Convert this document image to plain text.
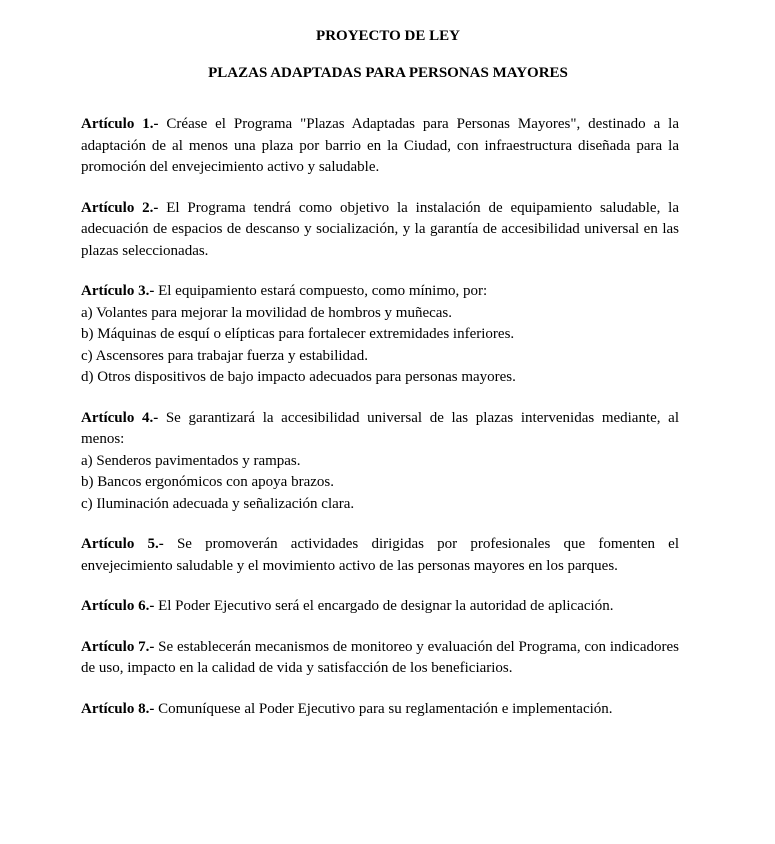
PROYECTO DE LEY

PLAZAS ADAPTADAS PARA PERSONAS MAYORES

Artículo 1.- Créase el Programa "Plazas Adaptadas para Personas Mayores", destinado a la adaptación de al menos una plaza por barrio en la Ciudad, con infraestructura diseñada para la promoción del envejecimiento activo y saludable.

Artículo 2.- El Programa tendrá como objetivo la instalación de equipamiento saludable, la adecuación de espacios de descanso y socialización, y la garantía de accesibilidad universal en las plazas seleccionadas.

Artículo 3.- El equipamiento estará compuesto, como mínimo, por:

a) Volantes para mejorar la movilidad de hombros y muñecas.

b) Máquinas de esquí o elípticas para fortalecer extremidades inferiores.

c) Ascensores para trabajar fuerza y estabilidad.

d) Otros dispositivos de bajo impacto adecuados para personas mayores.

Artículo 4.- Se garantizará la accesibilidad universal de las plazas intervenidas mediante, al menos:

a) Senderos pavimentados y rampas.

b) Bancos ergonómicos con apoya brazos.

c) Iluminación adecuada y señalización clara.

Artículo 5.- Se promoverán actividades dirigidas por profesionales que fomenten el envejecimiento saludable y el movimiento activo de las personas mayores en los parques.

Artículo 6.- El Poder Ejecutivo será el encargado de designar la autoridad de aplicación.

Artículo 7.- Se establecerán mecanismos de monitoreo y evaluación del Programa, con indicadores de uso, impacto en la calidad de vida y satisfacción de los beneficiarios.

Artículo 8.- Comuníquese al Poder Ejecutivo para su reglamentación e implementación.
